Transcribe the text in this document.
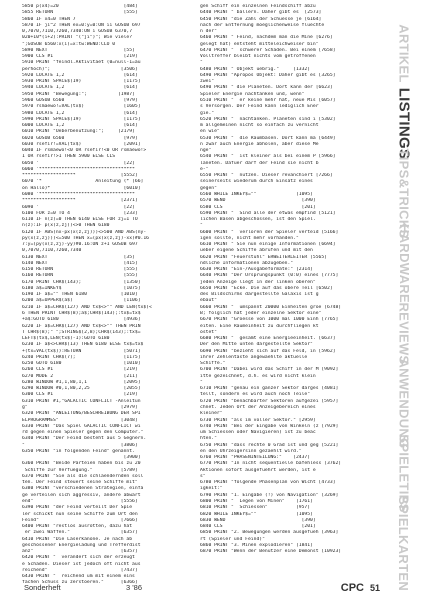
5850 p(x4)=20                       [484]
5855 RETURN                         [555]
5860 IF x4=0 THEN 7
5870 IF ji^2 THEN ex=0:y=0:ON ii GOSUB 697
0,7070,7110,7260,7340:ON i GOSUB 6370,7
020+10*(i+2):PRINT "("ji")"; Wie viele?
";GOSUB 6560:x(i)=x:tw:WEND:CLO 0
5890 NEXT                           [55]
5900 CLS #1                         [219]
5910 PRINT "feindl.Aktivitaet (0=null-1=au
perhoch)";                         [3506]
5920 LOCATE 1,2                     [614]
5930 PRINT SPACE$(19)               [1175]
5940 LOCATE 1,2                     [614]
5950 PRINT "Bewegung:";           [1987]
5960 GOSUB 6560                     [979]
5970 rsmaewo!=VAL(tx$)              [1605]
5980 LOCATE 1,2                     [614]
5990 PRINT SPACE$(19)               [1175]
6000 LOCATE 1,2                     [614]
6010 PRINT "Ueberbenutzung:";     [2179]
6020 GOSUB 6560                     [979]
6030 rsefir!=VAL(tx$)               [2091]
6040 IF rsmaewo!<0 OR rsefir!<0 OR rsmaewo!>
1 OR rsefir!>1 THEN 5900 ELSE CLS
6050 '                              [22]
6060 '**********************************
*******************                [5552]
6070 '*                   Anleitung (* [66]
on Hallo)*                          [6010]
6080 '**********************************
*******************                [2371]
6090 '                              [22]
6100 FOR z=0 TO 4                   [233]
6110 IF n(z)=0 THEN 6140 ELSE FOR zj=1 TO
n(z):IF p(x(z,zj))<>0 THEN 6180
6120 IF ABS(nx-px(x(z,zj)))<>500 AND ABS(ny-
py(x(z,zj)))<=500 THEN x=(px(x(z,zj)-xx)#0.16
7:y=(py(x(z,zj)-yy)#0.16:ON z+1 GOSUB 697
0,7070,7110,7260,7340
6130 NEXT                           [35]
6140 NEXT                           [415]
6150 RETURN                         [555]
6160 RETURN                         [555]
6170 PRINT CHR$(143);               [1350]
6180 a$=INKEY$                      [1075]
6190 IF a$="" THEN 6180            [1010]
6200 a$=UPPER$(a$)                  [1106]
6210 IF a$=CHR$(127) AND tx$<>"" AND LEN(tx$)<
6 THEN PRINT CHR$(8);a$;CHR$(143);:tx$=tx$
+a$:GOTO 6180                       [4936]
6220 IF a$=CHR$(127) AND tx$<>"" THEN PRIN
T CHR$(8);" ";STRING$(2,8);CHR$(143);:tx$=
LEFT$(tx$,LEN(tx$)-1):GOTO 6180
6230 IF a$<>CHR$(13) THEN 6180 ELSE tx$=tx$
+(tx=VAL(tx$)):RETURN               [5071]
6240 PRINT CHR$(7);                 [1175]
6250 GOTO 6180                      [1010]
6260 CLS #1                         [219]
6270 MODE 2                         [211]
6280 WINDOW #1,1,80,1,1             [2095]
6290 WINDOW #0,1,80,2,25            [2055]
6300 CLS #1                         [219]
6310 PRINT #1,"GALACTIC CONFLICT -Anleitun
g"                                 [2979]
6320 PRINT "ANLEITUNG/BESCHREIBUNG DER SPI
ELPROGRAMMES"                      [3048]
6330 PRINT "Das Spiel GALACTIC CONFLICT wi
rd gegen einen Spieler gegen den Computer."
6340 PRINT "Der Feind besteht aus 5 Gegnern.
"                                  [3806]
6350 PRINT "in folgenden Feind" genannt.
[3900]
6360 PRINT "Beide Parteien haben bis zu 20
Schiffe zur Verfuegung."          [5789]
6370 PRINT "Sie als die schlaendernden soll
ten. Der Feind steuert seine Schiffe mit"
6380 PRINT "verschiedenen Strategien, einfa
ge verteilen sich aggressiv, andere abwart
end"                               [5556]
6390 PRINT "der Feind verteilt Der Spie
ler schickt nun seine Schiffe zum Ort den
Feind"                             [7666]
6400 PRINT "restlos ausrotten, dazu hat
er zwei Waffen."                  [6357]
6410 PRINT "Die Laserkanone. Je nach ab
geschossener Energieladung und Trefferdist
anz"                               [6357]
6420 PRINT "  verandert sich der erzeugt
e Schaden. Dieser ist jedoch oft nicht aus
reichend"                          [7437]
6430 PRINT "  reichend um mit einem eins
fachen Schuss zu zerstoeren."      [6366]
gen Schiff ein einzelnen Feindschiff abzu
6440 PRINT " ballern. Daher gibt es  [2573]
6450 PRINT "die Zahl der Schuesse je [6164]
nach der Entfernung moeglichenweise fluechte
n der"
6460 PRINT " Feind, nachdem man die Mine [6276]
gelegt hat) entsteht mitteleichweiser bin"
6470 PRINT "  schwerer Schaden. Bei einem [7658]
Volltreffer bleibt nichts vom getroffenen
"
6480 PRINT " Objekt uebrig."     [1332]
6490 PRINT "Apropos Objekt: Daher gibt es [3265]
zwei"
6490 PRINT " die Planeten. Dort kann der [6623]
Spieler Energie nachtanken und, wenn"
6510 PRINT "  er keine mehr hat, neue Mis [6057]
s Versorgen. Der Feind kann lediglich Ener
gie."
6520 PRINT "  nachtanken. Planeten sind i [5302]
m allgemeinen nicht so einfach zu vernicht
en wie"
6530 PRINT "  die Raumbasen. Dort kann ma [6449]
n zwar auch Energie abholen, aber diese Me
nge"
6540 PRINT "  ist kleiner als bei einem P [5966]
laneten. Dafuer darf der Feind sie nicht b
e-"
6550 PRINT "  nutzen. Dieser revanchiert [7266]
seinerseits wiederum durch Einsatz eines
gegen"
6560 WHILE INKEY$=""              [1095]
6570 WEND                           [390]
6580 CLS                            [201]
6590 PRINT "  Sind alle der etwas empfind [5121]
lichen Basen abgeschossen, ist den Spiel.
"
6600 PRINT "  verloren der Spieler verteid [5166]
igen sollte, nicht mehr vorhanden."
6610 PRINT " Sie nun einige Informationen [6694]
ueber eigene Schiffe abrufen und mit den
6620 PRINT "Feuerstuhl" ERWEITERLEITER [5565]
ndliche Informationen abzugeben."
6630 PRINT "Ein-/Ausgabeformate:" [2314]
6640 PRINT "Der Ursprungspunkt (0:0) eines [7775]
jeden Anzeige liegt in der linken oberen"
6650 PRINT "Ecke. Die auf das obere Teil [6502]
des Bildschirms dargestellte Galaxis ist g
ebaut"
6660 PRINT "  umspannt 20000 Einheiten groe [6748]
B; folglich hat jeder einzelne Sektor eine"
6670 PRINT "Groesse von 1000 mal 1000 Einh [7765]
eiten. Eine Raumeinheit zu durchfliegen kt
ostet"
6680 PRINT "  gesamt eine Energieeinheit. [6637]
Der den Mitte unten dargestellte Sektor"
6690 PRINT "bezieht sich auf das Feld, in [5962]
ihrer Zehlentaste angewaehlte aktuelle
Schiffe."
6700 PRINT "Dabei wird das Schiff in der M [9092]
itte gezeichnet, d.h. es wird nicht klein
"
6710 PRINT "genau ein ganzer Sektor darges [4081]
tellt, sondern es wird auch noch Teile"
6720 PRINT "benachbarter Sektoren aufgezei [5957]
chnet. Jeden Ort der Anzeigebereich eines
kleiner"
6730 PRINT "als im voller Sektor." [2959]
6740 PRINT "Bei der Eingabe von Winkeln (z [7929]
um Schiessen oder Navigieren) ist zu beac
hten."
6750 PRINT "dass rechte 0 Grad ist und geg [5221]
en den Uhrzeigersinn gezaehlt wird."
6760 PRINT "PHASENINTEILUNG:"    [2437]
6770 PRINT "In nicht sequentielle bafehless [3762]
Aktionen sofort ausgefuehrt werden, ist e
s"
6780 PRINT "folgende Phasenplan von Wicht [4733]
igkeit:"
6790 PRINT "1. Eingabe (!) von Navigation" [3269]
6800 PRINT "  Legen von Minen"    [1761]
6810 PRINT "  Schiessen"          [957]
6820 WHILE INKEY$=""              [1095]
6830 WEND                           [390]
6840 CLS                            [201]
6850 PRINT "2. Bewegungen werden ausgefueh [3963]
rt (Spieler und Feind)"
6860 PRINT "3. Minen explodieren" [1841]
6870 PRINT "Wenn der Benutzer eine Demonst [10923]
ARTIKEL
LISTINGS
TIPS&TRICKS
HARDWARE
REVIEWS
ANWENDUNG
SPIELETIPS
SPIELKARTEN
Sonderheft	3 '86	CPC 51
